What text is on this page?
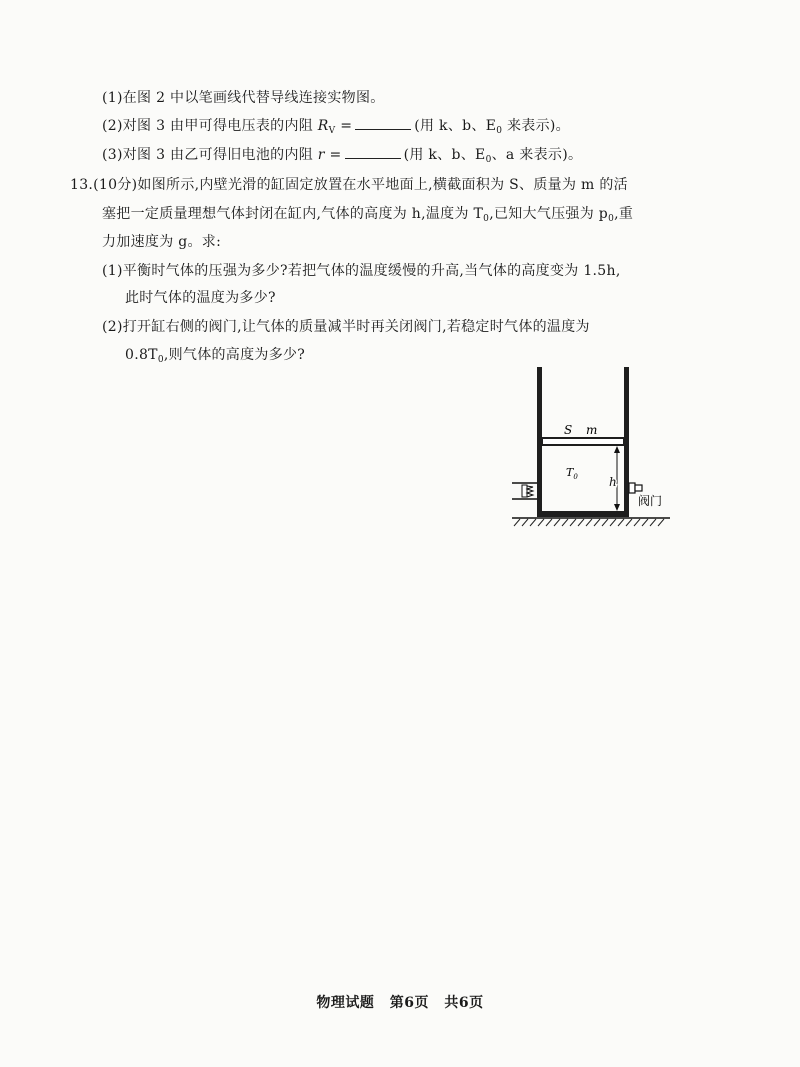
(1)在图 2 中以笔画线代替导线连接实物图。
(2)对图 3 由甲可得电压表的内阻 $R_V$ =	(用 k、b、$E_0$ 来表示)。
(3)对图 3 由乙可得旧电池的内阻 r =	(用 k、b、$E_0$、a 来表示)。
13.(10分)如图所示,内壁光滑的缸固定放置在水平地面上,横截面积为 S、质量为 m 的活
塞把一定质量理想气体封闭在缸内,气体的高度为 h,温度为 $T_0$,已知大气压强为 $p_0$,重
力加速度为 g。求:
(1)平衡时气体的压强为多少?若把气体的温度缓慢的升高,当气体的高度变为 1.5h,
此时气体的温度为多少?
(2)打开缸右侧的阀门,让气体的质量减半时再关闭阀门,若稳定时气体的温度为
$0.8T_0$,则气体的高度为多少?
S m
$T_0$	h
阀门
物理试题 第6页 共6页
